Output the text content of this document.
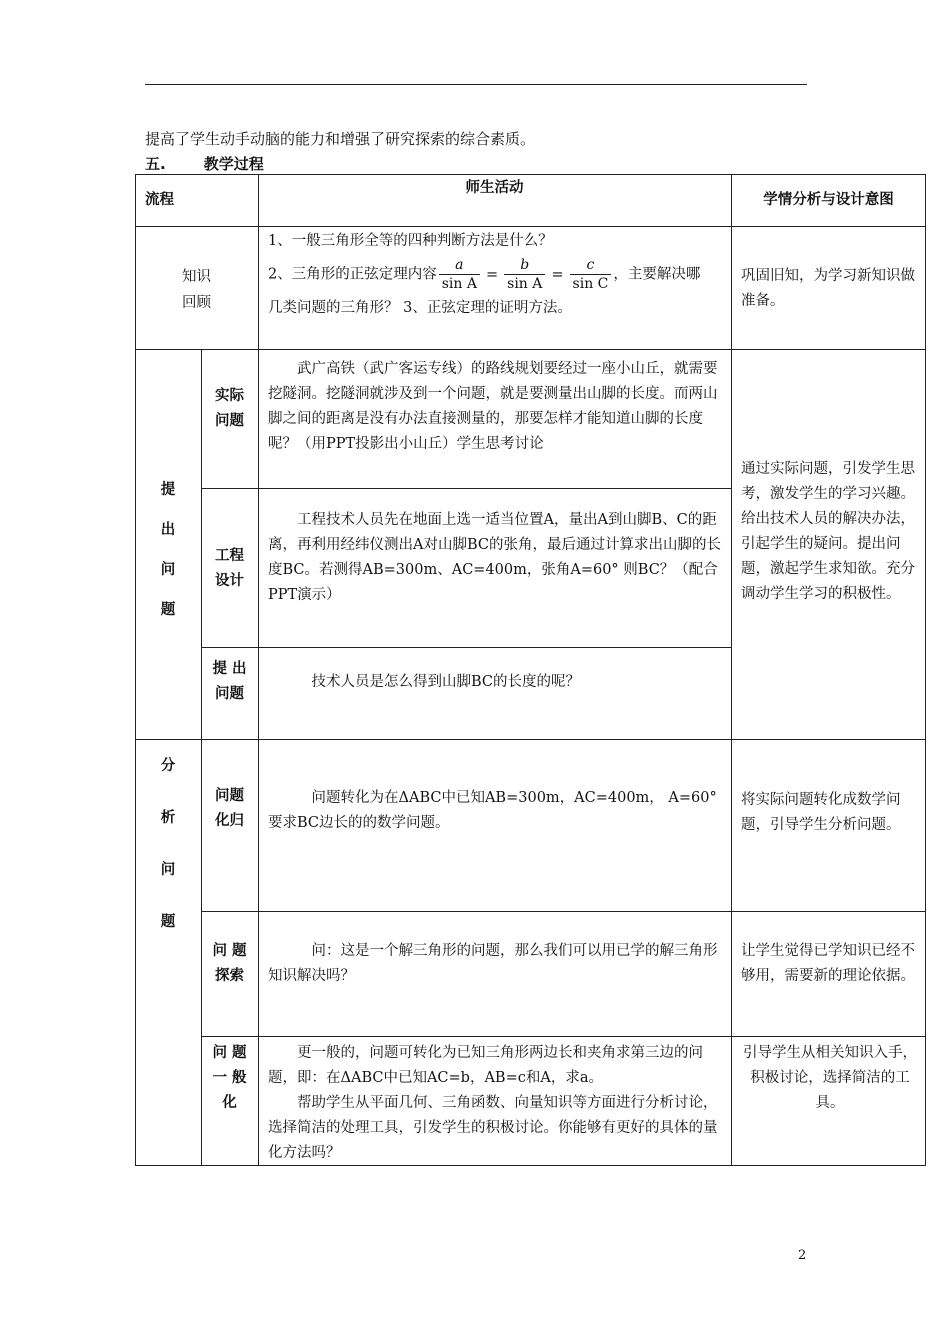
提高了学生动手动脑的能力和增强了研究探索的综合素质。
五.	教学过程
流程
师生活动
学情分析与设计意图
知识
回顾
1、一般三角形全等的四种判断方法是什么？
2、三角形的正弦定理内容 $\frac{a}{\text{sin A}} = \frac{b}{\text{sin A}} = \frac{c}{\text{sin C}}$ ，主要解决哪
几类问题的三角形？ 3、正弦定理的证明方法。
巩固旧知，为学习新知识做准备。
提
出
问
题
实际
问题
武广高铁（武广客运专线）的路线规划要经过一座小山丘，就需要挖隧洞。挖隧洞就涉及到一个问题，就是要测量出山脚的长度。而两山脚之间的距离是没有办法直接测量的，那要怎样才能知道山脚的长度呢？（用PPT投影出小山丘）学生思考讨论
工程
设计
工程技术人员先在地面上选一适当位置A，量出A到山脚B、C的距离，再利用经纬仪测出A对山脚BC的张角，最后通过计算求出山脚的长度BC。若测得AB=300m、AC=400m，张角A=60° 则BC？（配合PPT演示）
提 出
问题
技术人员是怎么得到山脚BC的长度的呢？
通过实际问题，引发学生思考，激发学生的学习兴趣。给出技术人员的解决办法，引起学生的疑问。提出问题，激起学生求知欲。充分调动学生学习的积极性。
分
析
问
题
问题
化归
问题转化为在ΔABC中已知AB=300m，AC=400m， A=60° 要求BC边长的的数学问题。
将实际问题转化成数学问题，引导学生分析问题。
问 题
探索
问：这是一个解三角形的问题，那么我们可以用已学的解三角形知识解决吗？
让学生觉得已学知识已经不够用，需要新的理论依据。
问 题
一 般
化
更一般的，问题可转化为已知三角形两边长和夹角求第三边的问题，即：在ΔABC中已知AC=b，AB=c和A，求a。
帮助学生从平面几何、三角函数、向量知识等方面进行分析讨论，选择简洁的处理工具，引发学生的积极讨论。你能够有更好的具体的量化方法吗？
引导学生从相关知识入手，积极讨论，选择简洁的工具。
2
